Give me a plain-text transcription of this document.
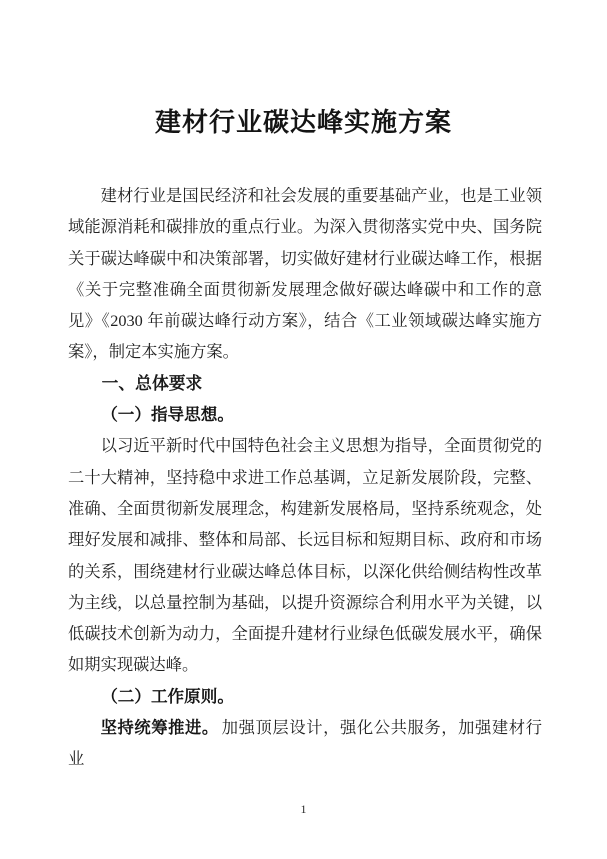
建材行业碳达峰实施方案

建材行业是国民经济和社会发展的重要基础产业，也是工业领域能源消耗和碳排放的重点行业。为深入贯彻落实党中央、国务院关于碳达峰碳中和决策部署，切实做好建材行业碳达峰工作，根据《关于完整准确全面贯彻新发展理念做好碳达峰碳中和工作的意见》《2030 年前碳达峰行动方案》，结合《工业领域碳达峰实施方案》，制定本实施方案。

一、总体要求
（一）指导思想。

以习近平新时代中国特色社会主义思想为指导，全面贯彻党的二十大精神，坚持稳中求进工作总基调，立足新发展阶段，完整、准确、全面贯彻新发展理念，构建新发展格局，坚持系统观念，处理好发展和减排、整体和局部、长远目标和短期目标、政府和市场的关系，围绕建材行业碳达峰总体目标，以深化供给侧结构性改革为主线，以总量控制为基础，以提升资源综合利用水平为关键，以低碳技术创新为动力，全面提升建材行业绿色低碳发展水平，确保如期实现碳达峰。

（二）工作原则。

坚持统筹推进。 加强顶层设计，强化公共服务，加强建材行业

1
